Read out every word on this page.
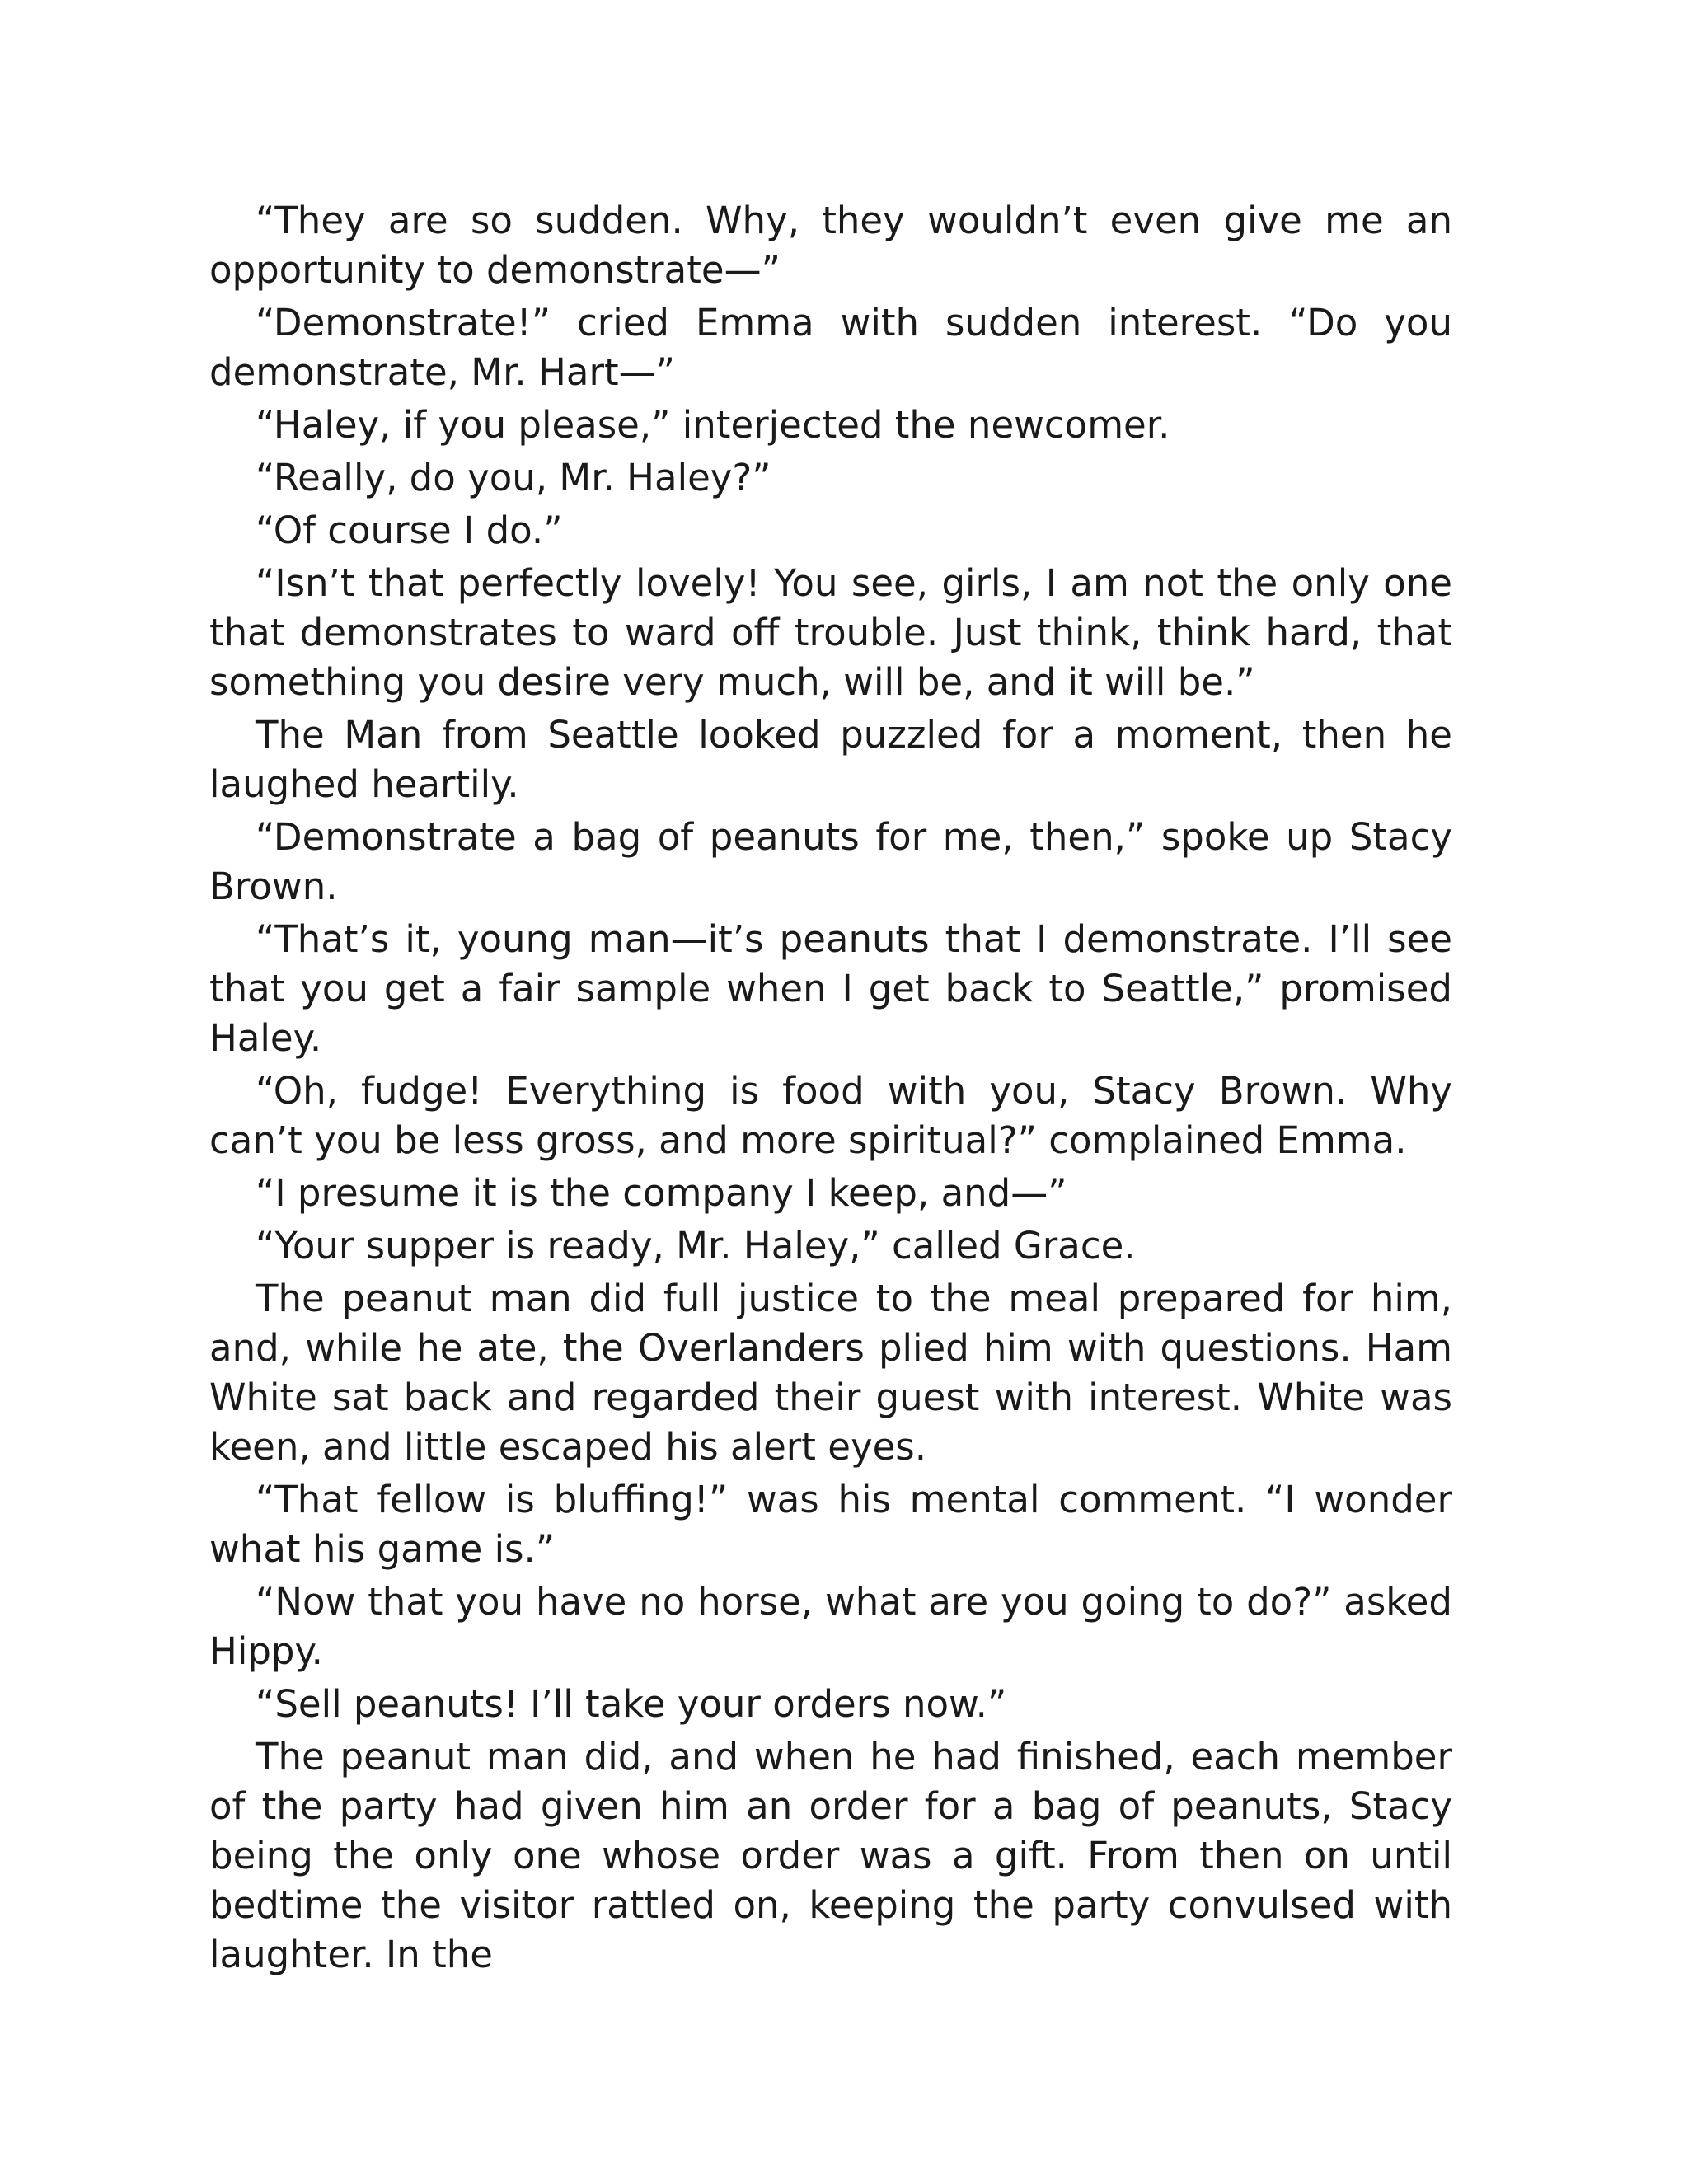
“They are so sudden. Why, they wouldn’t even give me an opportunity to demonstrate—”

“Demonstrate!” cried Emma with sudden interest. “Do you demonstrate, Mr. Hart—”

“Haley, if you please,” interjected the newcomer.

“Really, do you, Mr. Haley?”

“Of course I do.”

“Isn’t that perfectly lovely! You see, girls, I am not the only one that demonstrates to ward off trouble. Just think, think hard, that something you desire very much, will be, and it will be.”

The Man from Seattle looked puzzled for a moment, then he laughed heartily.

“Demonstrate a bag of peanuts for me, then,” spoke up Stacy Brown.

“That’s it, young man—it’s peanuts that I demonstrate. I’ll see that you get a fair sample when I get back to Seattle,” promised Haley.

“Oh, fudge! Everything is food with you, Stacy Brown. Why can’t you be less gross, and more spiritual?” complained Emma.

“I presume it is the company I keep, and—”

“Your supper is ready, Mr. Haley,” called Grace.

The peanut man did full justice to the meal prepared for him, and, while he ate, the Overlanders plied him with questions. Ham White sat back and regarded their guest with interest. White was keen, and little escaped his alert eyes.

“That fellow is bluffing!” was his mental comment. “I wonder what his game is.”

“Now that you have no horse, what are you going to do?” asked Hippy.

“Sell peanuts! I’ll take your orders now.”

The peanut man did, and when he had finished, each member of the party had given him an order for a bag of peanuts, Stacy being the only one whose order was a gift. From then on until bedtime the visitor rattled on, keeping the party convulsed with laughter. In the
